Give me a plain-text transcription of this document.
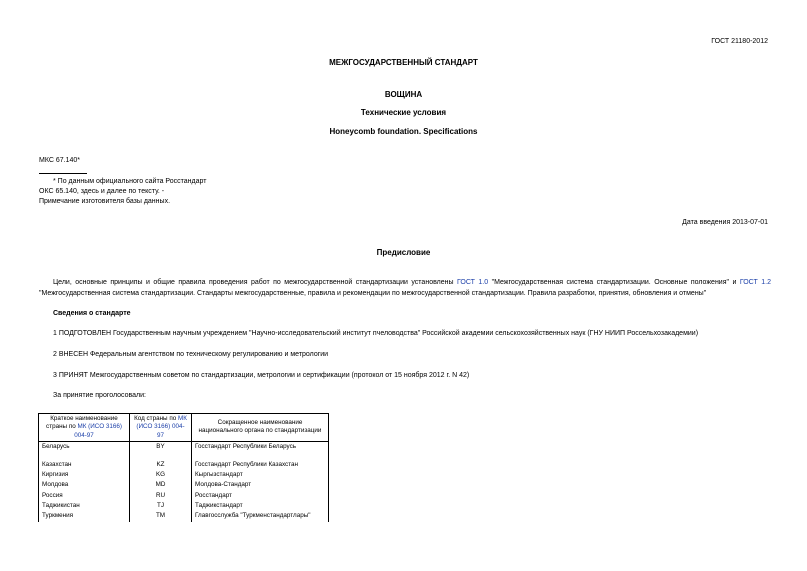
ГОСТ 21180-2012
МЕЖГОСУДАРСТВЕННЫЙ СТАНДАРТ
ВОЩИНА
Технические условия
Honeycomb foundation. Specifications
МКС 67.140*
* По данным официального сайта Росстандарт
ОКС 65.140, здесь и далее по тексту. -
Примечание изготовителя базы данных.
Дата введения 2013-07-01
Предисловие
Цели, основные принципы и общие правила проведения работ по межгосударственной стандартизации установлены ГОСТ 1.0 "Межгосударственная система стандартизации. Основные положения" и ГОСТ 1.2 "Межгосударственная система стандартизации. Стандарты межгосударственные, правила и рекомендации по межгосударственной стандартизации. Правила разработки, принятия, обновления и отмены"
Сведения о стандарте
1 ПОДГОТОВЛЕН Государственным научным учреждением "Научно-исследовательский институт пчеловодства" Российской академии сельскохозяйственных наук (ГНУ НИИП Россельхозакадемии)
2 ВНЕСЕН Федеральным агентством по техническому регулированию и метрологии
3 ПРИНЯТ Межгосударственным советом по стандартизации, метрологии и сертификации (протокол от 15 ноября 2012 г. N 42)
За принятие проголосовали:
Краткое наименование страны по МК (ИСО 3166) 004-97	Код страны по МК (ИСО 3166) 004-97	Сокращенное наименование национального органа по стандартизации
Беларусь	BY	Госстандарт Республики Беларусь
Казахстан	KZ	Госстандарт Республики Казахстан
Киргизия	KG	Кыргызстандарт
Молдова	MD	Молдова-Стандарт
Россия	RU	Росстандарт
Таджикистан	TJ	Таджикстандарт
Туркмения	TM	Главгосслужба "Туркменстандартлары"
